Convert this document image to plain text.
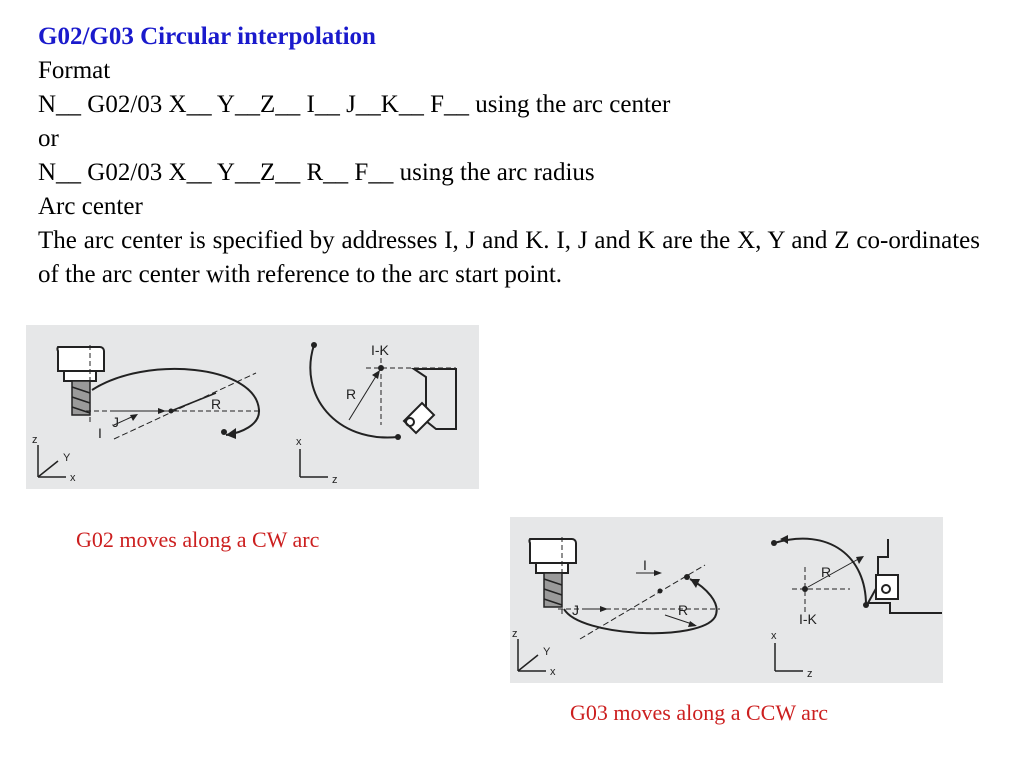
G02/G03 Circular interpolation
Format
N__ G02/03 X__ Y__Z__ I__ J__K__ F__ using the arc center
or
N__ G02/03 X__ Y__Z__ R__ F__ using the arc radius
Arc center
The arc center is specified by addresses I, J and K. I, J and K are the X, Y and Z co-ordinates of the arc center with reference to the arc start point.
I
J
R
z
Y
x
I-K
R
x
z
G02 moves along a CW arc
I
J	R
z
Y
x
R
I-K
x
z
G03 moves along a CCW arc
